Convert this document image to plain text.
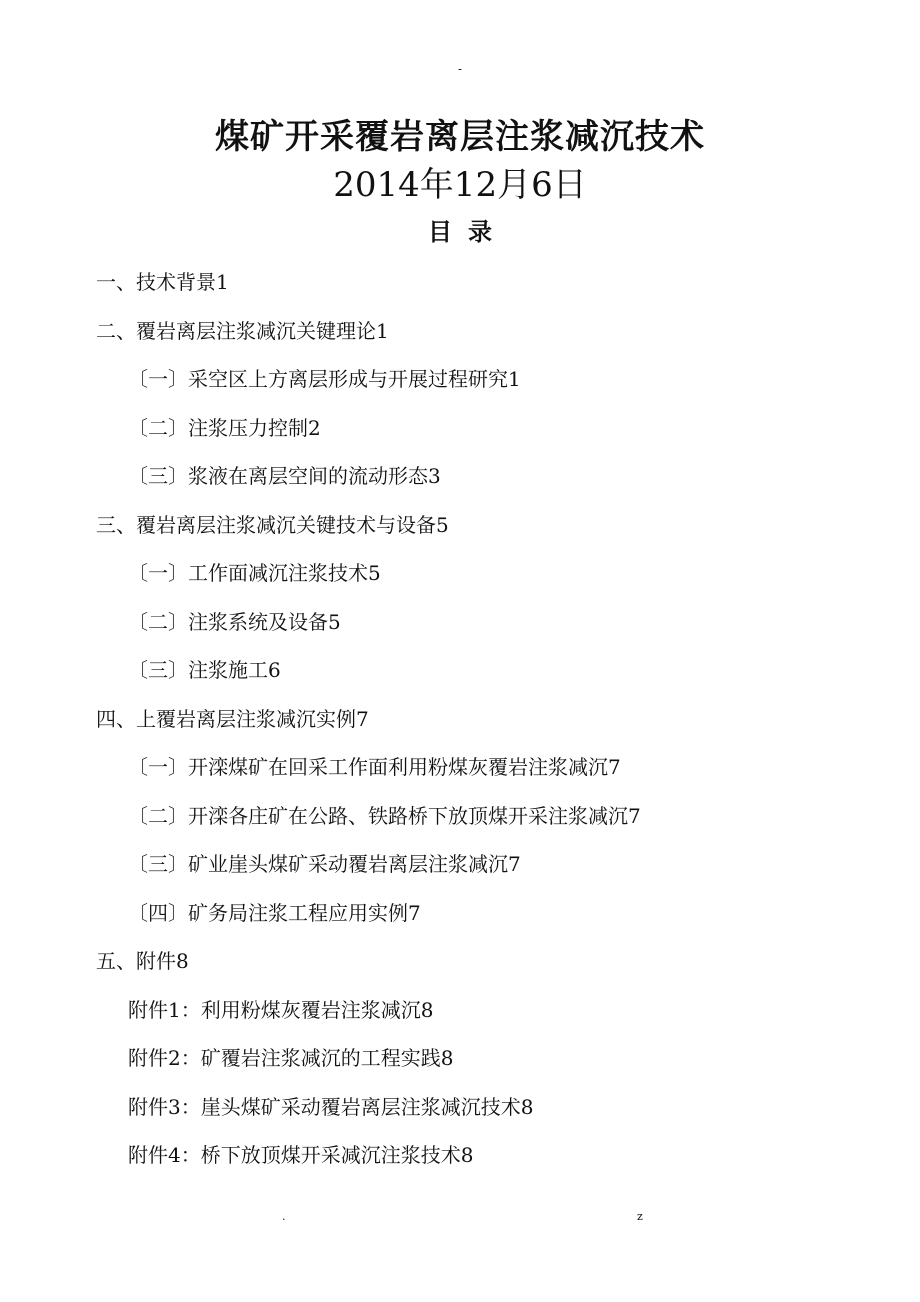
-
煤矿开采覆岩离层注浆减沉技术
2014年12月6日
目录
一、技术背景1
二、覆岩离层注浆减沉关键理论1
〔一〕采空区上方离层形成与开展过程研究1
〔二〕注浆压力控制2
〔三〕浆液在离层空间的流动形态3
三、覆岩离层注浆减沉关键技术与设备5
〔一〕工作面减沉注浆技术5
〔二〕注浆系统及设备5
〔三〕注浆施工6
四、上覆岩离层注浆减沉实例7
〔一〕开滦煤矿在回采工作面利用粉煤灰覆岩注浆减沉7
〔二〕开滦各庄矿在公路、铁路桥下放顶煤开采注浆减沉7
〔三〕矿业崖头煤矿采动覆岩离层注浆减沉7
〔四〕矿务局注浆工程应用实例7
五、附件8
附件1：利用粉煤灰覆岩注浆减沉8
附件2：矿覆岩注浆减沉的工程实践8
附件3：崖头煤矿采动覆岩离层注浆减沉技术8
附件4：桥下放顶煤开采减沉注浆技术8
.	z
